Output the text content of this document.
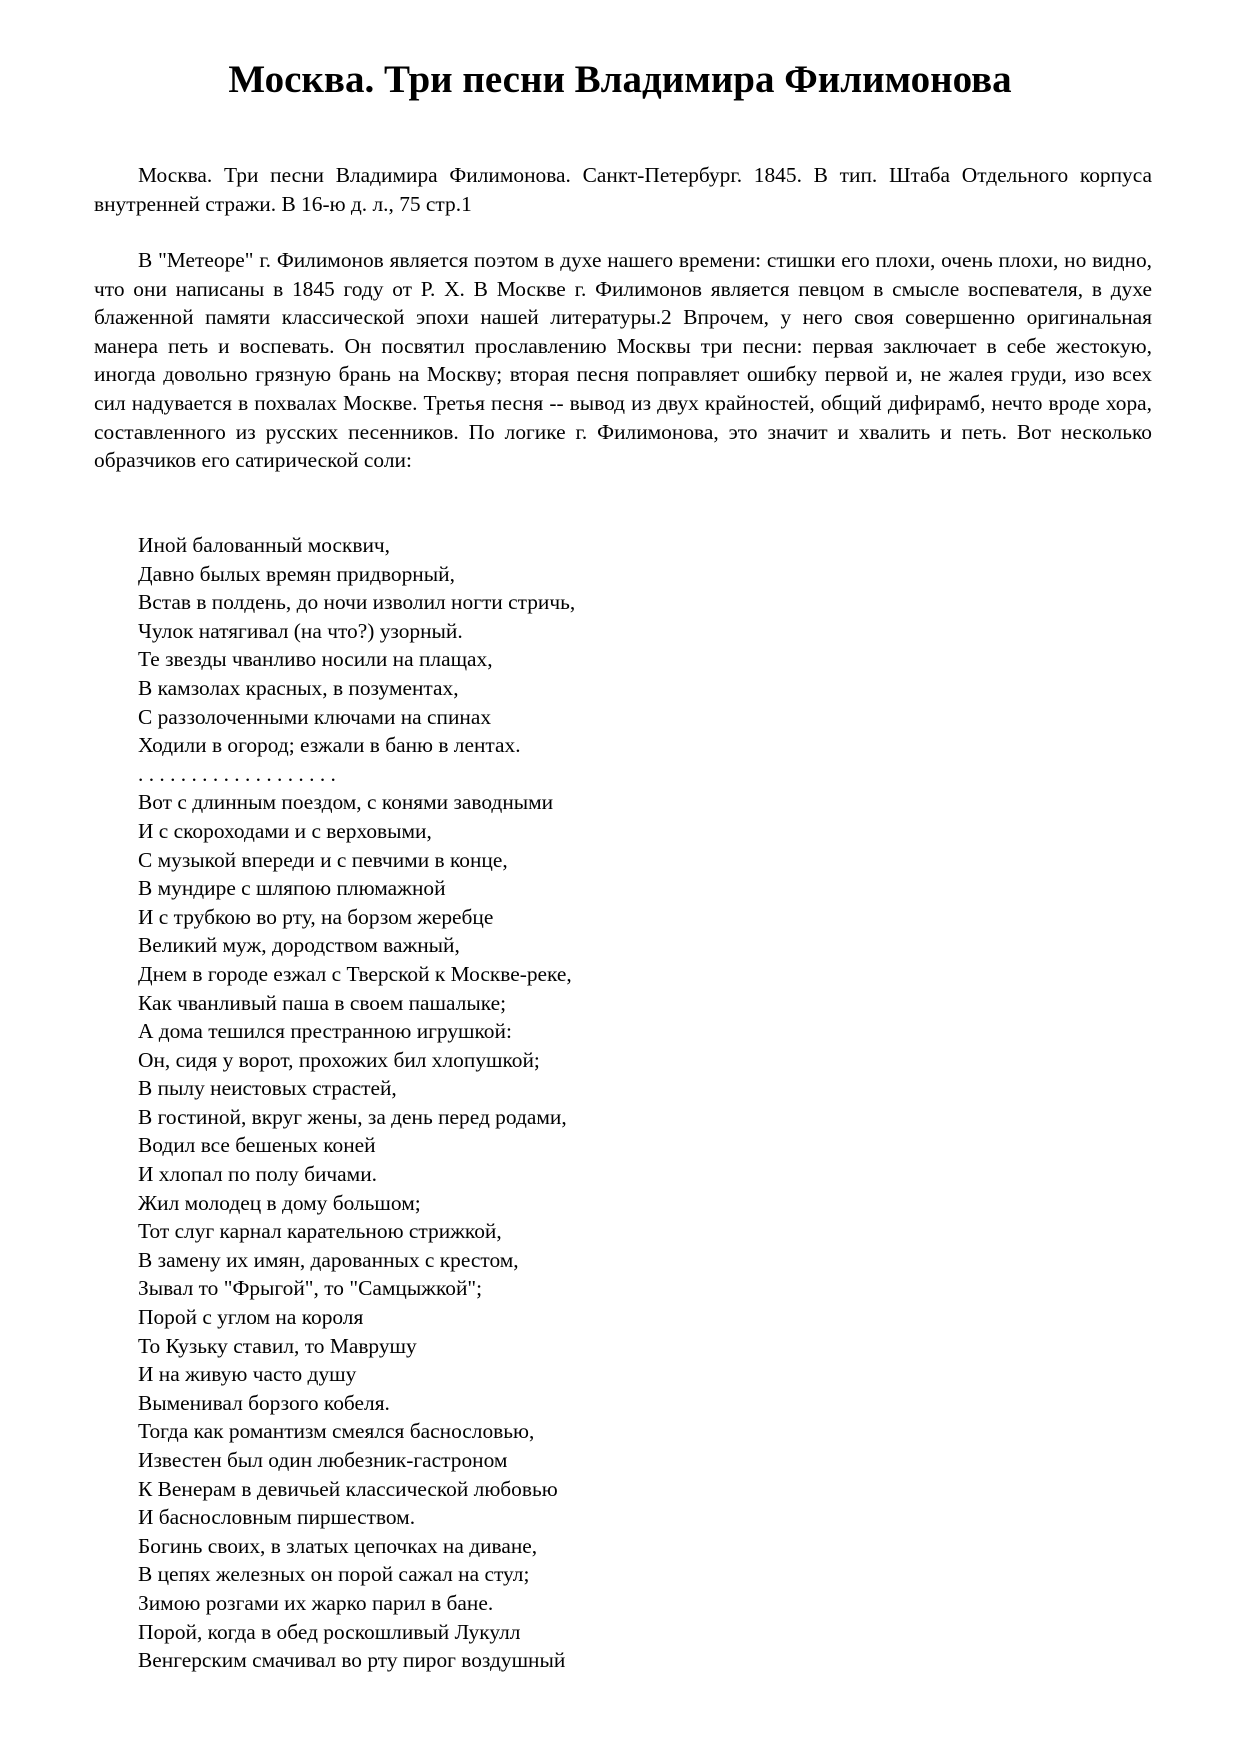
Москва. Три песни Владимира Филимонова

Москва. Три песни Владимира Филимонова. Санкт-Петербург. 1845. В тип. Штаба Отдельного корпуса внутренней стражи. В 16-ю д. л., 75 стр.1

В "Метеоре" г. Филимонов является поэтом в духе нашего времени: стишки его плохи, очень плохи, но видно, что они написаны в 1845 году от Р. Х. В Москве г. Филимонов является певцом в смысле воспевателя, в духе блаженной памяти классической эпохи нашей литературы.2 Впрочем, у него своя совершенно оригинальная манера петь и воспевать. Он посвятил прославлению Москвы три песни: первая заключает в себе жестокую, иногда довольно грязную брань на Москву; вторая песня поправляет ошибку первой и, не жалея груди, изо всех сил надувается в похвалах Москве. Третья песня -- вывод из двух крайностей, общий дифирамб, нечто вроде хора, составленного из русских песенников. По логике г. Филимонова, это значит и хвалить и петь. Вот несколько образчиков его сатирической соли:

Иной балованный москвич,
Давно былых времян придворный,
Встав в полдень, до ночи изволил ногти стричь,
Чулок натягивал (на что?) узорный.
Те звезды чванливо носили на плащах,
В камзолах красных, в позументах,
С раззолоченными ключами на спинах
Ходили в огород; езжали в баню в лентах.
. . . . . . . . . . . . . . . . . . .
Вот с длинным поездом, с конями заводными
И с скороходами и с верховыми,
С музыкой впереди и с певчими в конце,
В мундире с шляпою плюмажной
И с трубкою во рту, на борзом жеребце
Великий муж, дородством важный,
Днем в городе езжал с Тверской к Москве-реке,
Как чванливый паша в своем пашалыке;
А дома тешился престранною игрушкой:
Он, сидя у ворот, прохожих бил хлопушкой;
В пылу неистовых страстей,
В гостиной, вкруг жены, за день перед родами,
Водил все бешеных коней
И хлопал по полу бичами.
Жил молодец в дому большом;
Тот слуг карнал карательною стрижкой,
В замену их имян, дарованных с крестом,
Зывал то "Фрыгой", то "Самцыжкой";
Порой с углом на короля
То Кузьку ставил, то Маврушу
И на живую часто душу
Выменивал борзого кобеля.
Тогда как романтизм смеялся баснословью,
Известен был один любезник-гастроном
К Венерам в девичьей классической любовью
И баснословным пиршеством.
Богинь своих, в златых цепочках на диване,
В цепях железных он порой сажал на стул;
Зимою розгами их жарко парил в бане.
Порой, когда в обед роскошливый Лукулл
Венгерским смачивал во рту пирог воздушный
